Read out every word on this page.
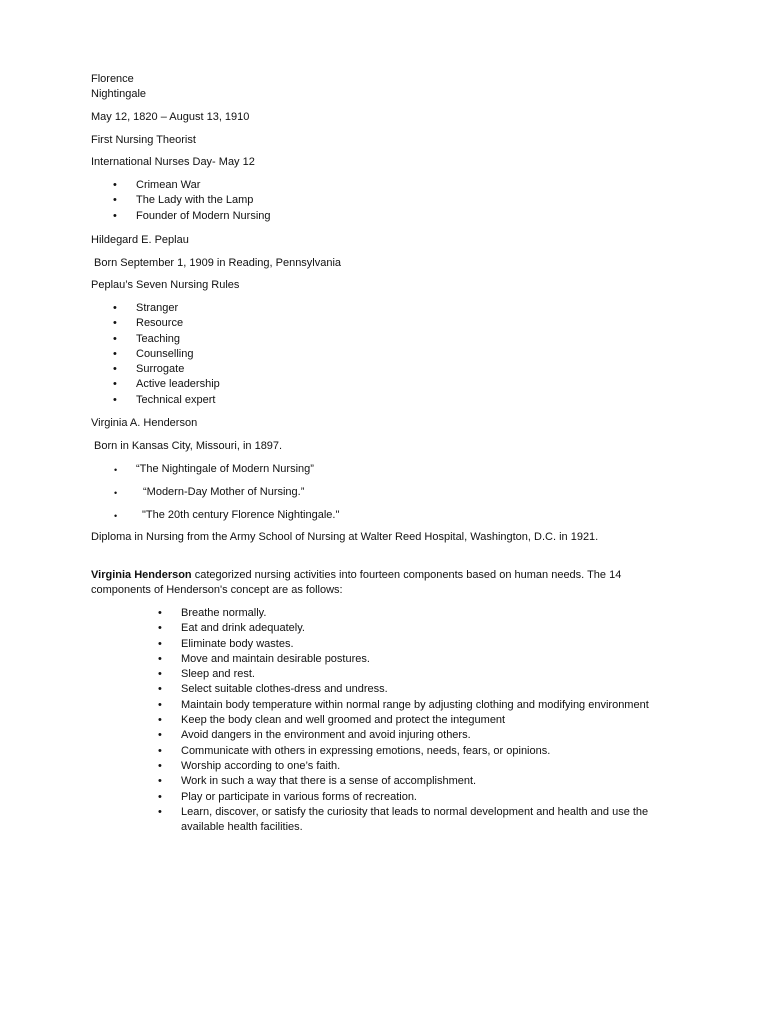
Florence

Nightingale

May 12, 1820 – August 13, 1910

First Nursing Theorist

International Nurses Day- May 12

• Crimean War
• The Lady with the Lamp
• Founder of Modern Nursing

Hildegard E. Peplau

Born September 1, 1909 in Reading, Pennsylvania

Peplau’s Seven Nursing Rules

• Stranger
• Resource
• Teaching
• Counselling
• Surrogate
• Active leadership
• Technical expert

Virginia A. Henderson

Born in Kansas City, Missouri, in 1897.

• “The Nightingale of Modern Nursing”
• “Modern-Day Mother of Nursing.”
• "The 20th century Florence Nightingale."

Diploma in Nursing from the Army School of Nursing at Walter Reed Hospital, Washington, D.C. in 1921.

Virginia Henderson categorized nursing activities into fourteen components based on human needs. The 14 components of Henderson's concept are as follows:

• Breathe normally.
• Eat and drink adequately.
• Eliminate body wastes.
• Move and maintain desirable postures.
• Sleep and rest.
• Select suitable clothes-dress and undress.
• Maintain body temperature within normal range by adjusting clothing and modifying environment
• Keep the body clean and well groomed and protect the integument
• Avoid dangers in the environment and avoid injuring others.
• Communicate with others in expressing emotions, needs, fears, or opinions.
• Worship according to one’s faith.
• Work in such a way that there is a sense of accomplishment.
• Play or participate in various forms of recreation.
• Learn, discover, or satisfy the curiosity that leads to normal development and health and use the available health facilities.
